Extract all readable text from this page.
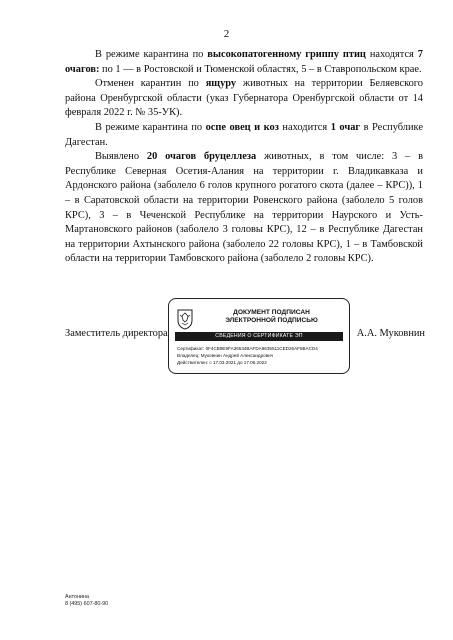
2

В режиме карантина по высокопатогенному гриппу птиц находятся 7 очагов: по 1 — в Ростовской и Тюменской областях, 5 – в Ставропольском крае.

Отменен карантин по ящуру животных на территории Беляевского района Оренбургской области (указ Губернатора Оренбургской области от 14 февраля 2022 г. № 35-УК).

В режиме карантина по оспе овец и коз находится 1 очаг в Республике Дагестан.

Выявлено 20 очагов бруцеллеза животных, в том числе: 3 – в Республике Северная Осетия-Алания на территории г. Владикавказа и Ардонского района (заболело 6 голов крупного рогатого скота (далее – КРС)), 1 – в Саратовской области на территории Ровенского района (заболело 5 голов КРС), 3 – в Чеченской Республике на территории Наурского и Усть-Мартановского районов (заболело 3 головы КРС), 12 – в Республике Дагестан на территории Ахтынского района (заболело 22 головы КРС), 1 – в Тамбовской области на территории Тамбовского района (заболело 2 головы КРС).

Заместитель директора	А.А. Муковнин
ДОКУМЕНТ ПОДПИСАН
ЭЛЕКТРОННОЙ ПОДПИСЬЮ
СВЕДЕНИЯ О СЕРТИФИКАТЕ ЭП
Сертификат: 0F4CB9E9FA36534BAFDA9635511CED26AF6BACD4
Владелец: Муковнин Андрей Александрович
Действителен: с 17.03.2021 до 17.06.2022
Антонина
8 (495) 607-80-90
